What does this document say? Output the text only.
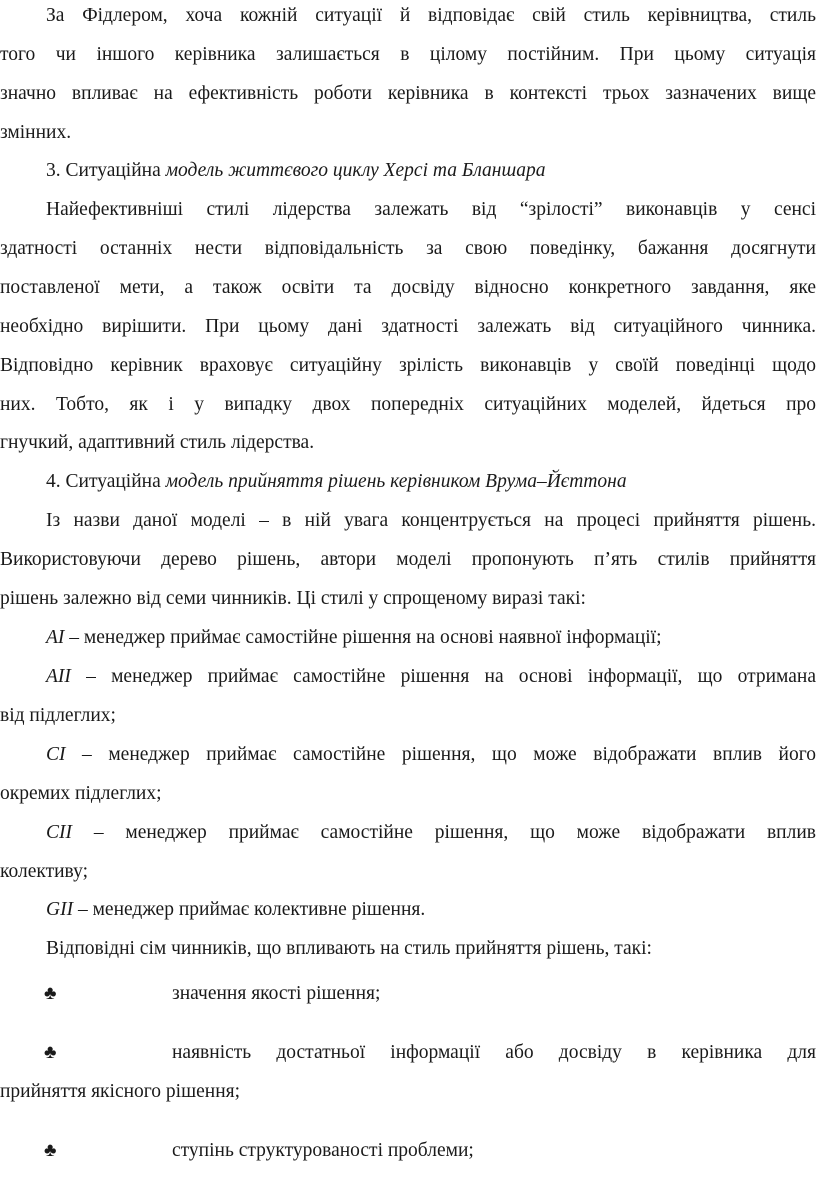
За Фідлером, хоча кожній ситуації й відповідає свій стиль керівництва, стиль

того чи іншого керівника залишається в цілому постійним. При цьому ситуація

значно впливає на ефективність роботи керівника в контексті трьох зазначених вище

змінних.

3. Ситуаційна модель життєвого циклу Херсі та Бланшара

Найефективніші стилі лідерства залежать від “зрілості” виконавців у сенсі

здатності останніх нести відповідальність за свою поведінку, бажання досягнути

поставленої мети, а також освіти та досвіду відносно конкретного завдання, яке

необхідно вирішити. При цьому дані здатності залежать від ситуаційного чинника.

Відповідно керівник враховує ситуаційну зрілість виконавців у своїй поведінці щодо

них. Тобто, як і у випадку двох попередніх ситуаційних моделей, йдеться про

гнучкий, адаптивний стиль лідерства.

4. Ситуаційна модель прийняття рішень керівником Врума–Йєттона

Із назви даної моделі – в ній увага концентрується на процесі прийняття рішень.

Використовуючи дерево рішень, автори моделі пропонують п’ять стилів прийняття

рішень залежно від семи чинників. Ці стилі у спрощеному виразі такі:

AI – менеджер приймає самостійне рішення на основі наявної інформації;

AII – менеджер приймає самостійне рішення на основі інформації, що отримана

від підлеглих;

CI – менеджер приймає самостійне рішення, що може відображати вплив його

окремих підлеглих;

CII – менеджер приймає самостійне рішення, що може відображати вплив

колективу;

GII – менеджер приймає колективне рішення.

Відповідні сім чинників, що впливають на стиль прийняття рішень, такі:

♣	значення якості рішення;
♣	наявність достатньої інформації або досвіду в керівника для

прийняття якісного рішення;

♣	ступінь структурованості проблеми;
